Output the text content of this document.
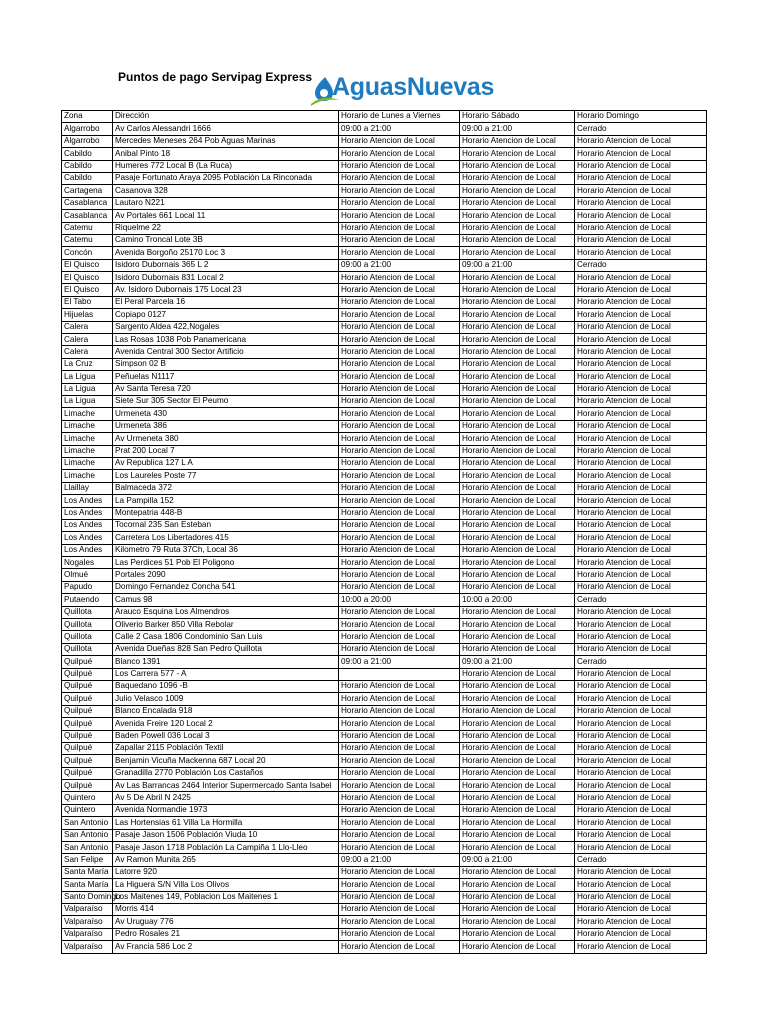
Puntos de pago Servipag Express AguasNuevas
Zona	Dirección	Horario de Lunes a Viernes	Horario Sábado	Horario Domingo
Algarrobo	Av Carlos Alessandri 1666	09:00 a 21:00	09:00 a 21:00	Cerrado
Algarrobo	Mercedes Meneses 264 Pob Aguas Marinas	Horario Atencion de Local	Horario Atencion de Local	Horario Atencion de Local
Cabildo	Anibal Pinto 18	Horario Atencion de Local	Horario Atencion de Local	Horario Atencion de Local
Cabildo	Humeres 772 Local B (La Ruca)	Horario Atencion de Local	Horario Atencion de Local	Horario Atencion de Local
Cabildo	Pasaje Fortunato Araya 2095 Población La Rinconada	Horario Atencion de Local	Horario Atencion de Local	Horario Atencion de Local
Cartagena	Casanova 328	Horario Atencion de Local	Horario Atencion de Local	Horario Atencion de Local
Casablanca	Lautaro N221	Horario Atencion de Local	Horario Atencion de Local	Horario Atencion de Local
Casablanca	Av Portales 661 Local 11	Horario Atencion de Local	Horario Atencion de Local	Horario Atencion de Local
Catemu	Riquelme 22	Horario Atencion de Local	Horario Atencion de Local	Horario Atencion de Local
Catemu	Camino Troncal Lote 3B	Horario Atencion de Local	Horario Atencion de Local	Horario Atencion de Local
Concón	Avenida Borgoño 25170 Loc 3	Horario Atencion de Local	Horario Atencion de Local	Horario Atencion de Local
El Quisco	Isidoro Dubornais 365 L 2	09:00 a 21:00	09:00 a 21:00	Cerrado
El Quisco	Isidoro Dubornais 831 Local 2	Horario Atencion de Local	Horario Atencion de Local	Horario Atencion de Local
El Quisco	Av. Isidoro Dubornais 175 Local 23	Horario Atencion de Local	Horario Atencion de Local	Horario Atencion de Local
El Tabo	El Peral Parcela 16	Horario Atencion de Local	Horario Atencion de Local	Horario Atencion de Local
Hijuelas	Copiapo 0127	Horario Atencion de Local	Horario Atencion de Local	Horario Atencion de Local
Calera	Sargento Aldea 422,Nogales	Horario Atencion de Local	Horario Atencion de Local	Horario Atencion de Local
Calera	Las Rosas 1038 Pob Panamericana	Horario Atencion de Local	Horario Atencion de Local	Horario Atencion de Local
Calera	Avenida Central 300 Sector Artificio	Horario Atencion de Local	Horario Atencion de Local	Horario Atencion de Local
La Cruz	Simpson 02 B	Horario Atencion de Local	Horario Atencion de Local	Horario Atencion de Local
La Ligua	Peñuelas N1117	Horario Atencion de Local	Horario Atencion de Local	Horario Atencion de Local
La Ligua	Av Santa Teresa 720	Horario Atencion de Local	Horario Atencion de Local	Horario Atencion de Local
La Ligua	Siete Sur 305 Sector El Peumo	Horario Atencion de Local	Horario Atencion de Local	Horario Atencion de Local
Limache	Urmeneta 430	Horario Atencion de Local	Horario Atencion de Local	Horario Atencion de Local
Limache	Urmeneta 386	Horario Atencion de Local	Horario Atencion de Local	Horario Atencion de Local
Limache	Av Urmeneta 380	Horario Atencion de Local	Horario Atencion de Local	Horario Atencion de Local
Limache	Prat 200 Local 7	Horario Atencion de Local	Horario Atencion de Local	Horario Atencion de Local
Limache	Av Republica 127 L A	Horario Atencion de Local	Horario Atencion de Local	Horario Atencion de Local
Limache	Los Laureles Poste 77	Horario Atencion de Local	Horario Atencion de Local	Horario Atencion de Local
Llaillay	Balmaceda 372	Horario Atencion de Local	Horario Atencion de Local	Horario Atencion de Local
Los Andes	La Pampilla 152	Horario Atencion de Local	Horario Atencion de Local	Horario Atencion de Local
Los Andes	Montepatria 448-B	Horario Atencion de Local	Horario Atencion de Local	Horario Atencion de Local
Los Andes	Tocornal 235 San Esteban	Horario Atencion de Local	Horario Atencion de Local	Horario Atencion de Local
Los Andes	Carretera Los Libertadores 415	Horario Atencion de Local	Horario Atencion de Local	Horario Atencion de Local
Los Andes	Kilometro 79 Ruta 37Ch, Local 36	Horario Atencion de Local	Horario Atencion de Local	Horario Atencion de Local
Nogales	Las Perdices 51 Pob El Poligono	Horario Atencion de Local	Horario Atencion de Local	Horario Atencion de Local
Olmué	Portales 2090	Horario Atencion de Local	Horario Atencion de Local	Horario Atencion de Local
Papudo	Domingo Fernandez Concha 541	Horario Atencion de Local	Horario Atencion de Local	Horario Atencion de Local
Putaendo	Camus 98	10:00 a 20:00	10:00 a 20:00	Cerrado
Quillota	Arauco Esquina Los Almendros	Horario Atencion de Local	Horario Atencion de Local	Horario Atencion de Local
Quillota	Oliverio Barker 850 Villa Rebolar	Horario Atencion de Local	Horario Atencion de Local	Horario Atencion de Local
Quillota	Calle 2 Casa 1806 Condominio San Luis	Horario Atencion de Local	Horario Atencion de Local	Horario Atencion de Local
Quillota	Avenida Dueñas 828 San Pedro Quillota	Horario Atencion de Local	Horario Atencion de Local	Horario Atencion de Local
Quilpué	Blanco 1391	09:00 a 21:00	09:00 a 21:00	Cerrado
Quilpué	Los Carrera 577 - A		Horario Atencion de Local	Horario Atencion de Local
Quilpué	Baquedano 1096 -B	Horario Atencion de Local	Horario Atencion de Local	Horario Atencion de Local
Quilpué	Julio Velasco 1009	Horario Atencion de Local	Horario Atencion de Local	Horario Atencion de Local
Quilpué	Blanco Encalada 918	Horario Atencion de Local	Horario Atencion de Local	Horario Atencion de Local
Quilpué	Avenida Freire 120 Local 2	Horario Atencion de Local	Horario Atencion de Local	Horario Atencion de Local
Quilpué	Baden Powell 036 Local 3	Horario Atencion de Local	Horario Atencion de Local	Horario Atencion de Local
Quilpué	Zapallar 2115 Población Textil	Horario Atencion de Local	Horario Atencion de Local	Horario Atencion de Local
Quilpué	Benjamin Vicuña Mackenna 687 Local 20	Horario Atencion de Local	Horario Atencion de Local	Horario Atencion de Local
Quilpué	Granadilla 2770 Población Los Castaños	Horario Atencion de Local	Horario Atencion de Local	Horario Atencion de Local
Quilpué	Av Las Barrancas 2464 Interior Supermercado Santa Isabel	Horario Atencion de Local	Horario Atencion de Local	Horario Atencion de Local
Quintero	Av 5 De Abril N 2425	Horario Atencion de Local	Horario Atencion de Local	Horario Atencion de Local
Quintero	Avenida Normandie 1973	Horario Atencion de Local	Horario Atencion de Local	Horario Atencion de Local
San Antonio	Las Hortensias 61 Villa La Hormilla	Horario Atencion de Local	Horario Atencion de Local	Horario Atencion de Local
San Antonio	Pasaje Jason 1506 Población Viuda 10	Horario Atencion de Local	Horario Atencion de Local	Horario Atencion de Local
San Antonio	Pasaje Jason 1718 Población La Campiña 1 Llo-Lleo	Horario Atencion de Local	Horario Atencion de Local	Horario Atencion de Local
San Felipe	Av Ramon Munita 265	09:00 a 21:00	09:00 a 21:00	Cerrado
Santa María	Latorre 920	Horario Atencion de Local	Horario Atencion de Local	Horario Atencion de Local
Santa María	La Higuera S/N Villa Los Olivos	Horario Atencion de Local	Horario Atencion de Local	Horario Atencion de Local
Santo Domingo	Los Maitenes 149, Poblacion Los Maitenes 1	Horario Atencion de Local	Horario Atencion de Local	Horario Atencion de Local
Valparaíso	Morris 414	Horario Atencion de Local	Horario Atencion de Local	Horario Atencion de Local
Valparaíso	Av Uruguay 776	Horario Atencion de Local	Horario Atencion de Local	Horario Atencion de Local
Valparaíso	Pedro Rosales 21	Horario Atencion de Local	Horario Atencion de Local	Horario Atencion de Local
Valparaíso	Av Francia 586 Loc 2	Horario Atencion de Local	Horario Atencion de Local	Horario Atencion de Local
